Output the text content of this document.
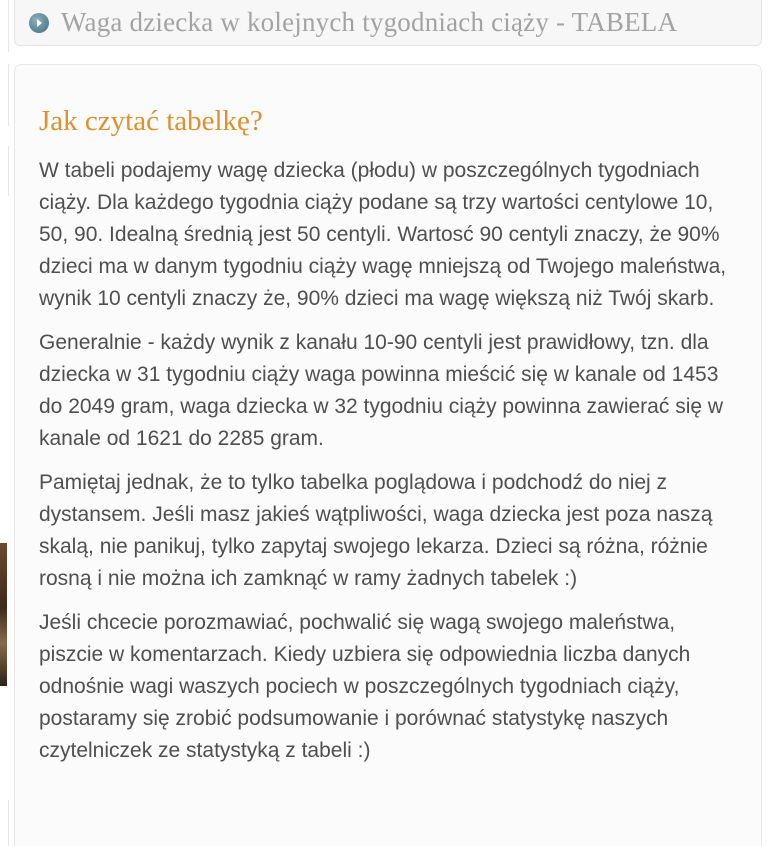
Waga dziecka w kolejnych tygodniach ciąży - TABELA
Jak czytać tabelkę?

W tabeli podajemy wagę dziecka (płodu) w poszczególnych tygodniach ciąży. Dla każdego tygodnia ciąży podane są trzy wartości centylowe 10, 50, 90. Idealną średnią jest 50 centyli. Wartosć 90 centyli znaczy, że 90% dzieci ma w danym tygodniu ciąży wagę mniejszą od Twojego maleństwa, wynik 10 centyli znaczy że, 90% dzieci ma wagę większą niż Twój skarb.

Generalnie - każdy wynik z kanału 10-90 centyli jest prawidłowy, tzn. dla dziecka w 31 tygodniu ciąży waga powinna mieścić się w kanale od 1453 do 2049 gram, waga dziecka w 32 tygodniu ciąży powinna zawierać się w kanale od 1621 do 2285 gram.

Pamiętaj jednak, że to tylko tabelka poglądowa i podchodź do niej z dystansem. Jeśli masz jakieś wątpliwości, waga dziecka jest poza naszą skalą, nie panikuj, tylko zapytaj swojego lekarza. Dzieci są różna, różnie rosną i nie można ich zamknąć w ramy żadnych tabelek :)

Jeśli chcecie porozmawiać, pochwalić się wagą swojego maleństwa, piszcie w komentarzach. Kiedy uzbiera się odpowiednia liczba danych odnośnie wagi waszych pociech w poszczególnych tygodniach ciąży, postaramy się zrobić podsumowanie i porównać statystykę naszych czytelniczek ze statystyką z tabeli :)
